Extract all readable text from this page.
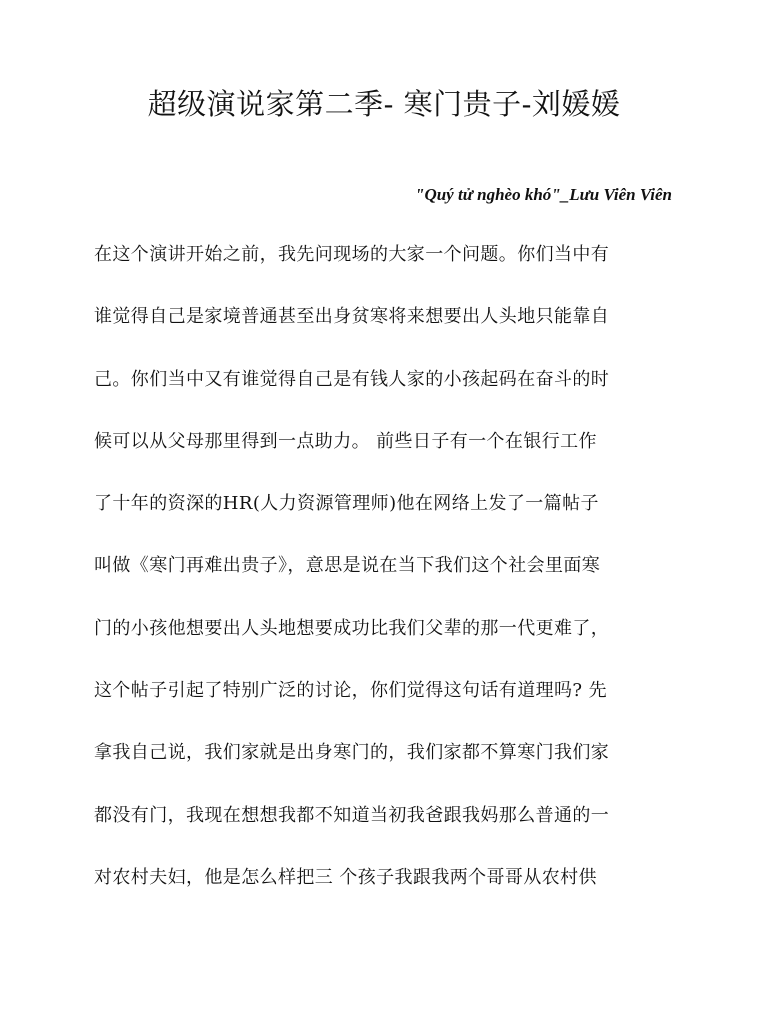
超级演说家第二季- 寒门贵子-刘媛媛
"Quý tử nghèo khó"_Lưu Viên Viên
在这个演讲开始之前，我先问现场的大家一个问题。你们当中有
谁觉得自己是家境普通甚至出身贫寒将来想要出人头地只能靠自
己。你们当中又有谁觉得自己是有钱人家的小孩起码在奋斗的时
候可以从父母那里得到一点助力。 前些日子有一个在银行工作
了十年的资深的HR(人力资源管理师)他在网络上发了一篇帖子
叫做《寒门再难出贵子》，意思是说在当下我们这个社会里面寒
门的小孩他想要出人头地想要成功比我们父辈的那一代更难了，
这个帖子引起了特别广泛的讨论，你们觉得这句话有道理吗? 先
拿我自己说，我们家就是出身寒门的，我们家都不算寒门我们家
都没有门，我现在想想我都不知道当初我爸跟我妈那么普通的一
对农村夫妇，他是怎么样把三 个孩子我跟我两个哥哥从农村供
